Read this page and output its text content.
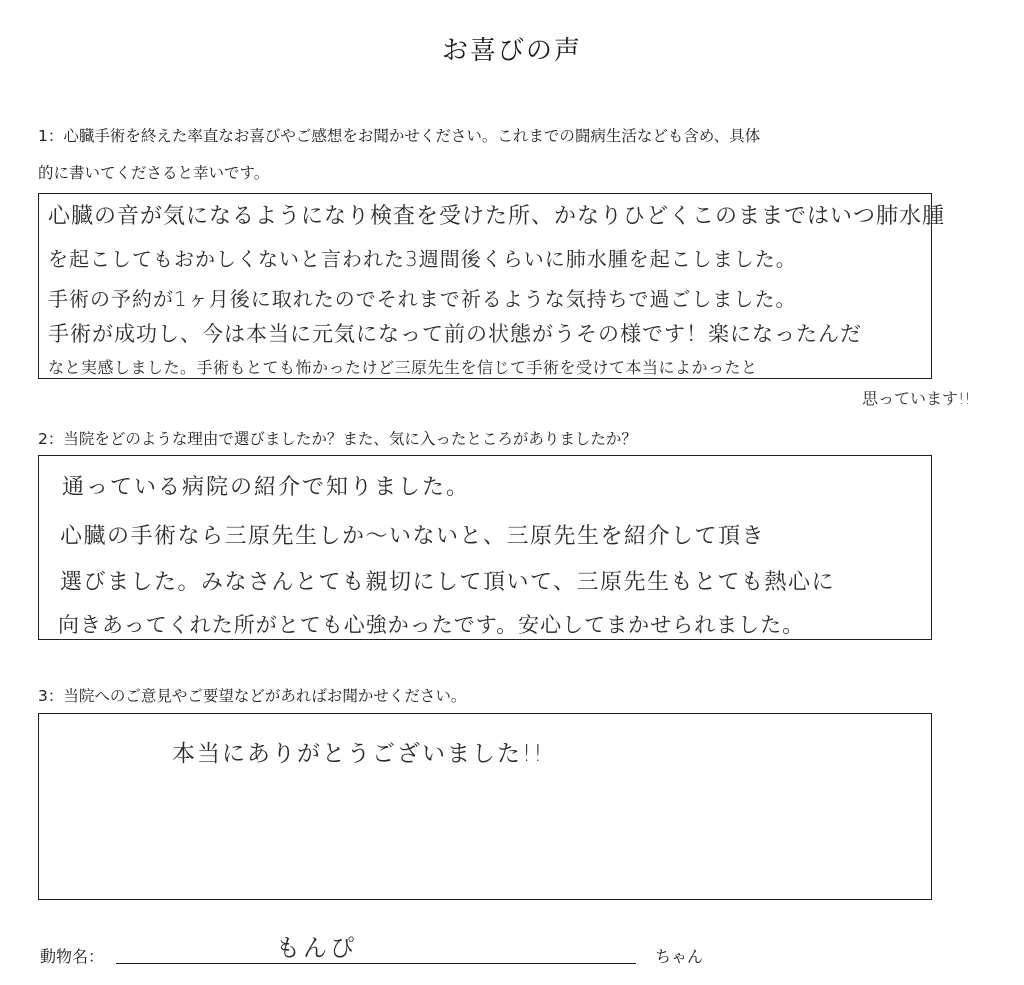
お喜びの声
1：心臓手術を終えた率直なお喜びやご感想をお聞かせください。これまでの闘病生活なども含め、具体
的に書いてくださると幸いです。
心臓の音が気になるようになり検査を受けた所、かなりひどくこのままではいつ肺水腫
を起こしてもおかしくないと言われた3週間後くらいに肺水腫を起こしました。
手術の予約が1ヶ月後に取れたのでそれまで祈るような気持ちで過ごしました。
手術が成功し、今は本当に元気になって前の状態がうその様です！楽になったんだ
なと実感しました。手術もとても怖かったけど三原先生を信じて手術を受けて本当によかったと
思っています!!
2：当院をどのような理由で選びましたか？また、気に入ったところがありましたか？
通っている病院の紹介で知りました。
心臓の手術なら三原先生しか〜いないと、三原先生を紹介して頂き
選びました。みなさんとても親切にして頂いて、三原先生もとても熱心に
向きあってくれた所がとても心強かったです。安心してまかせられました。
3：当院へのご意見やご要望などがあればお聞かせください。
本当にありがとうございました!!
動物名：	もんぴ	ちゃん
